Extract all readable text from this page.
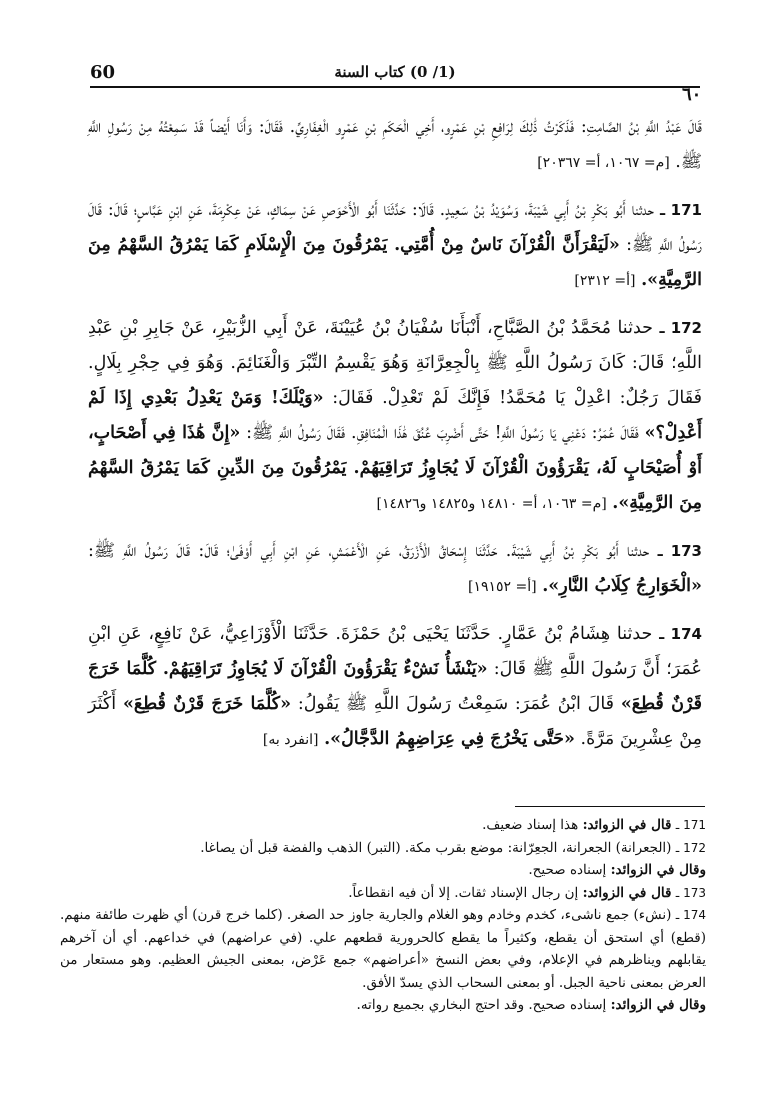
60	(1/ 0) كتاب السنة
٦٠

قَالَ عَبْدُ اللَّهِ بْنُ الصَّامِتِ: فَذَكَرْتُ ذَٰلِكَ لِرَافِعِ بْنِ عَمْرٍو، أَخِي الْحَكَمِ بْنِ عَمْرٍو الْغِفَارِيِّ. فَقَالَ: وَأَنَا أَيْضاً قَدْ سَمِعْتُهُ مِنْ رَسُولِ اللَّهِ ﷺ. [م= ١٠٦٧، أ= ٢٠٣٦٧]

171 ـ حدثنا أَبُو بَكْرِ بْنُ أَبِي شَيْبَةَ، وَسُوَيْدُ بْنُ سَعِيدٍ. قَالَا: حَدَّثَنَا أَبُو الْأَحْوَصِ عَنْ سِمَاكٍ، عَنْ عِكْرِمَةَ، عَنِ ابْنِ عَبَّاسٍ؛ قَالَ: قَالَ رَسُولُ اللَّهِ ﷺ: «لَيَقْرَأَنَّ الْقُرْآنَ نَاسٌ مِنْ أُمَّتِي. يَمْرُقُونَ مِنَ الْإِسْلَامِ كَمَا يَمْرُقُ السَّهْمُ مِنَ الرَّمِيَّةِ». [أ= ٢٣١٢]

172 ـ حدثنا مُحَمَّدُ بْنُ الصَّبَّاحِ، أَنْبَأَنَا سُفْيَانُ بْنُ عُيَيْنَةَ، عَنْ أَبِي الزُّبَيْرِ، عَنْ جَابِرِ بْنِ عَبْدِ اللَّهِ؛ قَالَ: كَانَ رَسُولُ اللَّهِ ﷺ بِالْجِعِرَّانَةِ وَهُوَ يَقْسِمُ التِّبْرَ وَالْغَنَائِمَ. وَهُوَ فِي حِجْرِ بِلَالٍ. فَقَالَ رَجُلٌ: اعْدِلْ يَا مُحَمَّدُ! فَإِنَّكَ لَمْ تَعْدِلْ. فَقَالَ: «وَيْلَكَ! وَمَنْ يَعْدِلُ بَعْدِي إِذَا لَمْ أَعْدِلْ؟» فَقَالَ عُمَرُ: دَعْنِي يَا رَسُولَ اللَّهِ! حَتَّى أَضْرِبَ عُنُقَ هَٰذَا الْمُنَافِقِ. فَقَالَ رَسُولُ اللَّهِ ﷺ: «إِنَّ هَٰذَا فِي أَصْحَابٍ، أَوْ أُصَيْحَابٍ لَهُ، يَقْرَؤُونَ الْقُرْآنَ لَا يُجَاوِزُ تَرَاقِيَهُمْ. يَمْرُقُونَ مِنَ الدِّينِ كَمَا يَمْرُقُ السَّهْمُ مِنَ الرَّمِيَّةِ». [م= ١٠٦٣، أ= ١٤٨١٠ و١٤٨٢٥ و١٤٨٢٦]

173 ـ حدثنا أَبُو بَكْرِ بْنُ أَبِي شَيْبَةَ. حَدَّثَنَا إِسْحَاقُ الْأَزْرَقُ، عَنِ الْأَعْمَشِ، عَنِ ابْنِ أَبِي أَوْفَىٰ؛ قَالَ: قَالَ رَسُولُ اللَّهِ ﷺ: «الْخَوَارِجُ كِلَابُ النَّارِ». [أ= ١٩١٥٢]

174 ـ حدثنا هِشَامُ بْنُ عَمَّارٍ. حَدَّثَنَا يَحْيَى بْنُ حَمْزَةَ. حَدَّثَنَا الْأَوْزَاعِيُّ، عَنْ نَافِعٍ، عَنِ ابْنِ عُمَرَ؛ أَنَّ رَسُولَ اللَّهِ ﷺ قَالَ: «يَنْشَأُ نَشْءٌ يَقْرَؤُونَ الْقُرْآنَ لَا يُجَاوِزُ تَرَاقِيَهُمْ. كُلَّمَا خَرَجَ قَرْنٌ قُطِعَ» قَالَ ابْنُ عُمَرَ: سَمِعْتُ رَسُولَ اللَّهِ ﷺ يَقُولُ: «كُلَّمَا خَرَجَ قَرْنٌ قُطِعَ» أَكْثَرَ مِنْ عِشْرِينَ مَرَّةً. «حَتَّى يَخْرُجَ فِي عِرَاضِهِمُ الدَّجَّالُ». [انفرد به]

171 ـ قال في الزوائد: هذا إسناد ضعيف.

172 ـ (الجعرانة) الجعرانة، الجعِرّانة: موضع بقرب مكة. (التبر) الذهب والفضة قبل أن يصاغا.

وقال في الزوائد: إسناده صحيح.

173 ـ قال في الزوائد: إن رجال الإسناد ثقات. إلا أن فيه انقطاعاً.

174 ـ (نشء) جمع ناشىء، كخدم وخادم وهو الغلام والجارية جاوز حد الصغر. (كلما خرج قرن) أي ظهرت طائفة منهم. (قطع) أي استحق أن يقطع، وكثيراً ما يقطع كالحرورية قطعهم علي. (في عراضهم) في خداعهم. أي أن آخرهم يقابلهم ويناظرهم في الإعلام، وفي بعض النسخ «أعراضهم» جمع عَرْض، بمعنى الجيش العظيم. وهو مستعار من العرض بمعنى ناحية الجبل. أو بمعنى السحاب الذي يسدّ الأفق.

وقال في الزوائد: إسناده صحيح. وقد احتج البخاري بجميع رواته.
